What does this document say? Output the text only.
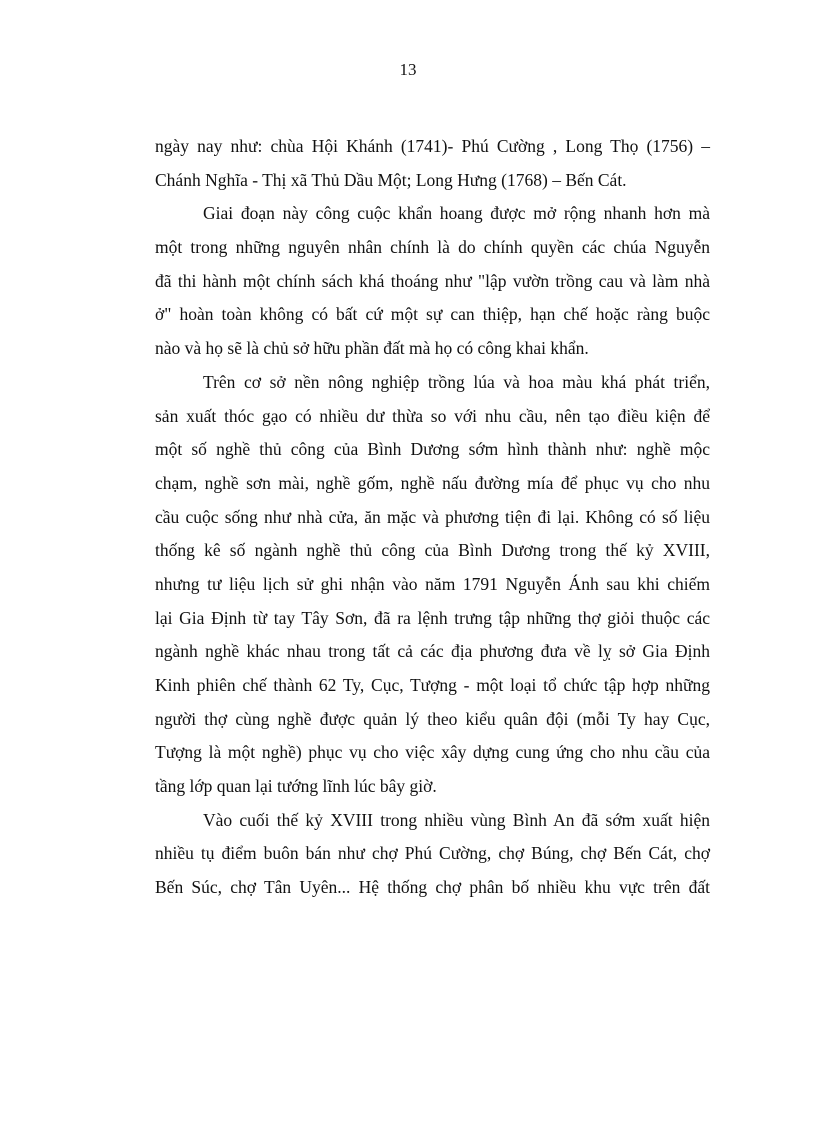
13
ngày nay như: chùa Hội Khánh (1741)- Phú Cường , Long Thọ (1756) –
Chánh Nghĩa - Thị xã Thủ Dầu Một; Long Hưng (1768) – Bến Cát.
Giai đoạn này công cuộc khẩn hoang được mở rộng nhanh hơn mà
một trong những nguyên nhân chính là do chính quyền các chúa Nguyễn
đã thi hành một chính sách khá thoáng như "lập vườn trồng cau và làm nhà
ở" hoàn toàn không có bất cứ một sự can thiệp, hạn chế hoặc ràng buộc
nào và họ sẽ là chủ sở hữu phần đất mà họ có công khai khẩn.
Trên cơ sở nền nông nghiệp trồng lúa và hoa màu khá phát triển,
sản xuất thóc gạo có nhiều dư thừa so với nhu cầu, nên tạo điều kiện để
một số nghề thủ công của Bình Dương sớm hình thành như: nghề mộc
chạm, nghề sơn mài, nghề gốm, nghề nấu đường mía để phục vụ cho nhu
cầu cuộc sống như nhà cửa, ăn mặc và phương tiện đi lại. Không có số liệu
thống kê số ngành nghề thủ công của Bình Dương trong thế kỷ XVIII,
nhưng tư liệu lịch sử ghi nhận vào năm 1791 Nguyễn Ánh sau khi chiếm
lại Gia Định từ tay Tây Sơn, đã ra lệnh trưng tập những thợ giỏi thuộc các
ngành nghề khác nhau trong tất cả các địa phương đưa về lỵ sở Gia Định
Kinh phiên chế thành 62 Ty, Cục, Tượng - một loại tổ chức tập hợp những
người thợ cùng nghề được quản lý theo kiểu quân đội (mỗi Ty hay Cục,
Tượng là một nghề) phục vụ cho việc xây dựng cung ứng cho nhu cầu của
tầng lớp quan lại tướng lĩnh lúc bây giờ.
Vào cuối thế kỷ XVIII trong nhiều vùng Bình An đã sớm xuất hiện
nhiều tụ điểm buôn bán như chợ Phú Cường, chợ Búng, chợ Bến Cát, chợ
Bến Súc, chợ Tân Uyên... Hệ thống chợ phân bố nhiều khu vực trên đất
